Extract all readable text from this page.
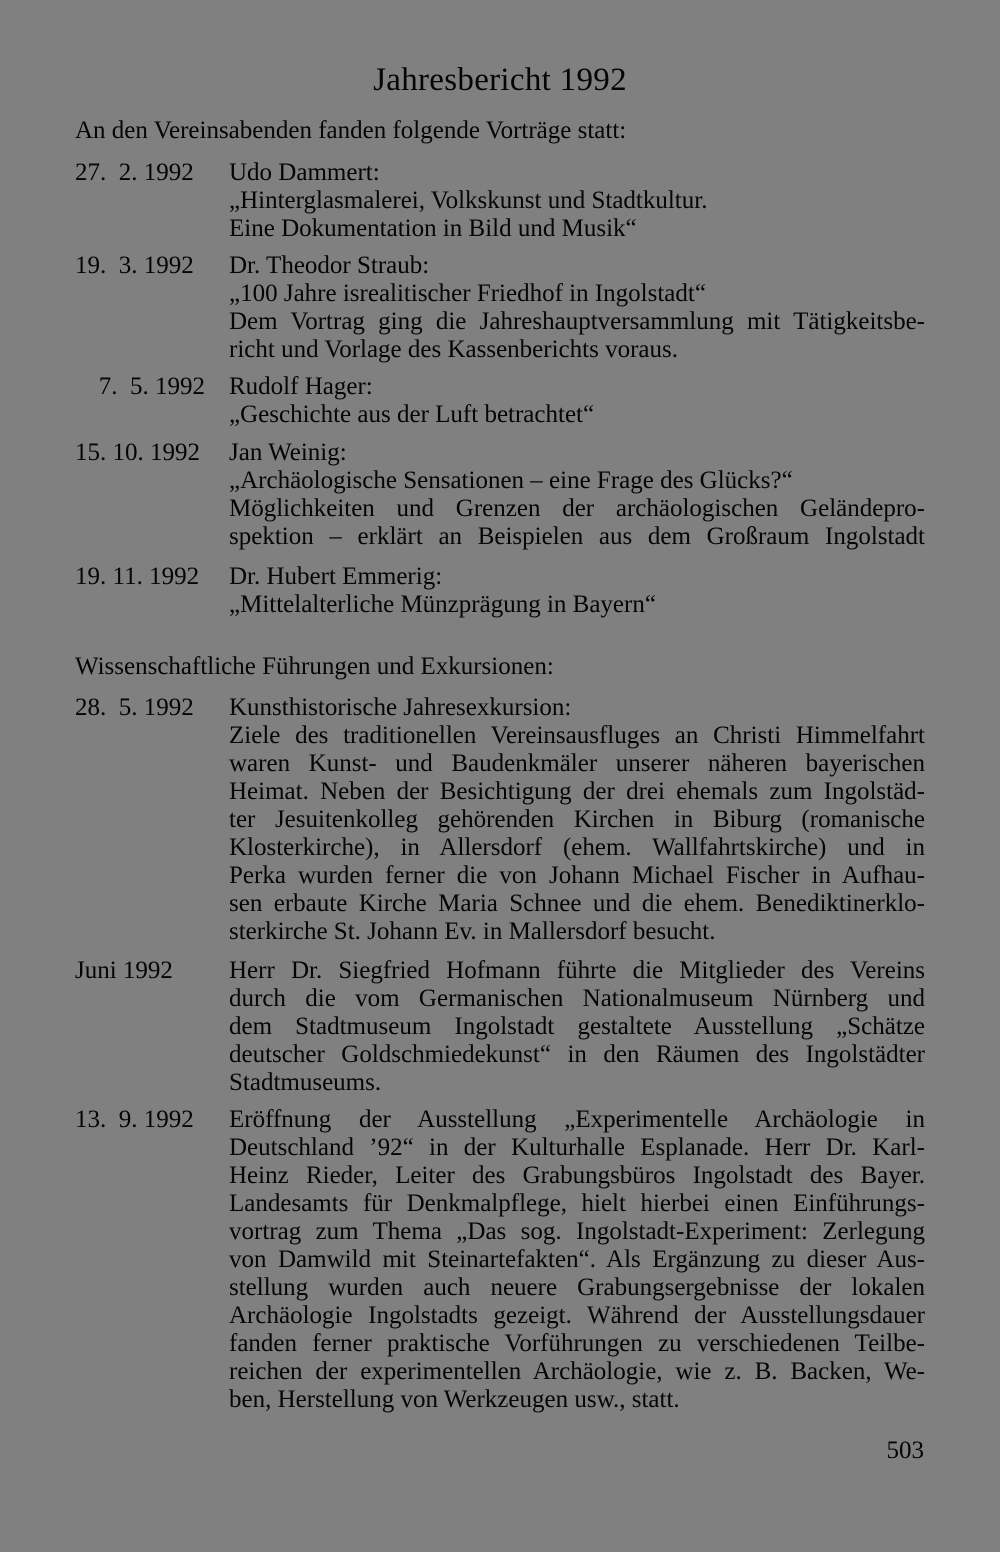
Jahresbericht 1992
An den Vereinsabenden fanden folgende Vorträge statt:
27.  2. 1992	Udo Dammert:
„Hinterglasmalerei, Volkskunst und Stadtkultur.
Eine Dokumentation in Bild und Musik“
19.  3. 1992	Dr. Theodor Straub:
„100 Jahre isrealitischer Friedhof in Ingolstadt“
Dem Vortrag ging die Jahreshauptversammlung mit Tätigkeitsbe-
richt und Vorlage des Kassenberichts voraus.
7.  5. 1992 Rudolf Hager:
„Geschichte aus der Luft betrachtet“
15. 10. 1992 Jan Weinig:
„Archäologische Sensationen – eine Frage des Glücks?“
Möglichkeiten und Grenzen der archäologischen Geländepro-
spektion – erklärt an Beispielen aus dem Großraum Ingolstadt
19. 11. 1992 Dr. Hubert Emmerig:
„Mittelalterliche Münzprägung in Bayern“
Wissenschaftliche Führungen und Exkursionen:
28.  5. 1992	Kunsthistorische Jahresexkursion:
Ziele des traditionellen Vereinsausfluges an Christi Himmelfahrt
waren Kunst- und Baudenkmäler unserer näheren bayerischen
Heimat. Neben der Besichtigung der drei ehemals zum Ingolstäd-
ter Jesuitenkolleg gehörenden Kirchen in Biburg (romanische
Klosterkirche), in Allersdorf (ehem. Wallfahrtskirche) und in
Perka wurden ferner die von Johann Michael Fischer in Aufhau-
sen erbaute Kirche Maria Schnee und die ehem. Benediktinerklo-
sterkirche St. Johann Ev. in Mallersdorf besucht.
Juni 1992	Herr Dr. Siegfried Hofmann führte die Mitglieder des Vereins
durch die vom Germanischen Nationalmuseum Nürnberg und
dem Stadtmuseum Ingolstadt gestaltete Ausstellung „Schätze
deutscher Goldschmiedekunst“ in den Räumen des Ingolstädter
Stadtmuseums.
13.  9. 1992	Eröffnung der Ausstellung „Experimentelle Archäologie in
Deutschland ’92“ in der Kulturhalle Esplanade. Herr Dr. Karl-
Heinz Rieder, Leiter des Grabungsbüros Ingolstadt des Bayer.
Landesamts für Denkmalpflege, hielt hierbei einen Einführungs-
vortrag zum Thema „Das sog. Ingolstadt-Experiment: Zerlegung
von Damwild mit Steinartefakten“. Als Ergänzung zu dieser Aus-
stellung wurden auch neuere Grabungsergebnisse der lokalen
Archäologie Ingolstadts gezeigt. Während der Ausstellungsdauer
fanden ferner praktische Vorführungen zu verschiedenen Teilbe-
reichen der experimentellen Archäologie, wie z. B. Backen, We-
ben, Herstellung von Werkzeugen usw., statt.
503
